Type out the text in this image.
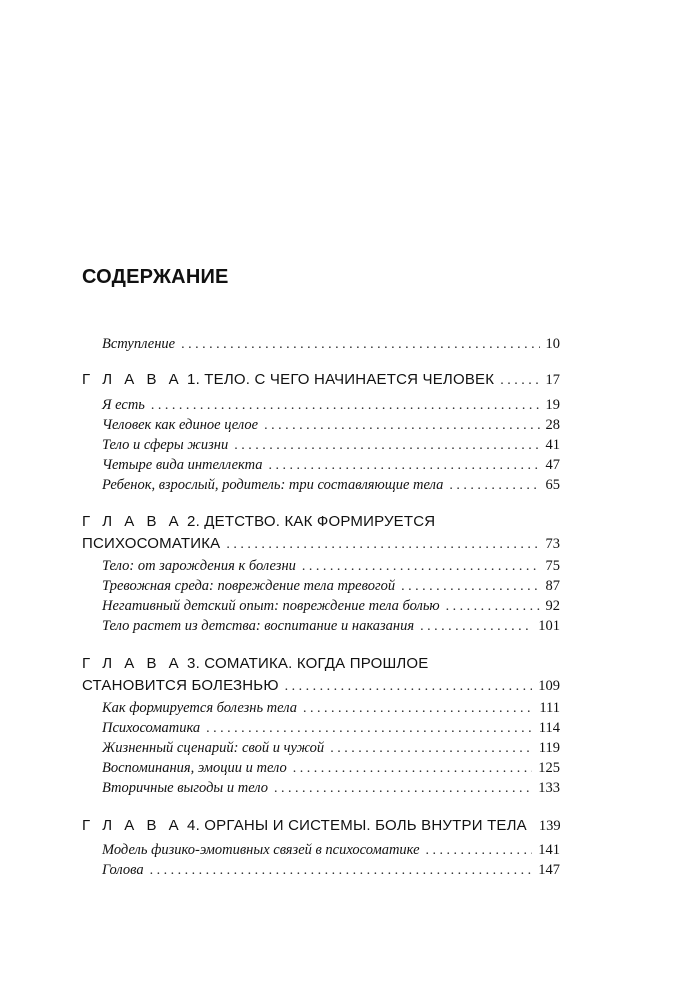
СОДЕРЖАНИЕ
Вступление . . .	10
Г Л А В А 1. ТЕЛО. С ЧЕГО НАЧИНАЕТСЯ ЧЕЛОВЕК . . .	17
Я есть . . .	19
Человек как единое целое . . .	28
Тело и сферы жизни . . .	41
Четыре вида интеллекта . . .	47
Ребенок, взрослый, родитель: три составляющие тела . . .	65
Г Л А В А 2. ДЕТСТВО. КАК ФОРМИРУЕТСЯ
ПСИХОСОМАТИКА . . .	73
Тело: от зарождения к болезни . . .	75
Тревожная среда: повреждение тела тревогой . . .	87
Негативный детский опыт: повреждение тела болью . . .	92
Тело растет из детства: воспитание и наказания . . .	101
Г Л А В А 3. СОМАТИКА. КОГДА ПРОШЛОЕ
СТАНОВИТСЯ БОЛЕЗНЬЮ . . .	109
Как формируется болезнь тела . . .	111
Психосоматика . . .	114
Жизненный сценарий: свой и чужой . . .	119
Воспоминания, эмоции и тело . . .	125
Вторичные выгоды и тело . . .	133
Г Л А В А 4. ОРГАНЫ И СИСТЕМЫ. БОЛЬ ВНУТРИ ТЕЛА 139
Модель физико-эмотивных связей в психосоматике . . .	141
Голова . . .	147
